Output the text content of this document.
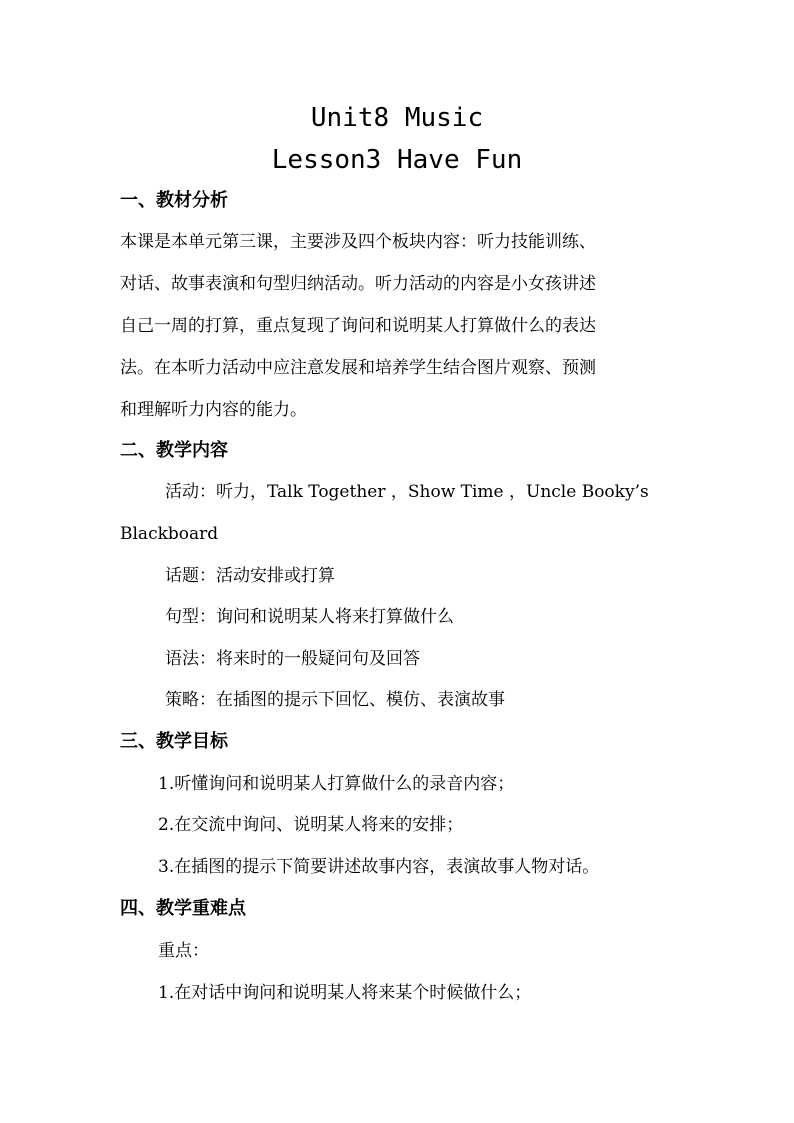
Unit8 Music
Lesson3 Have Fun
一、教材分析
本课是本单元第三课，主要涉及四个板块内容：听力技能训练、
对话、故事表演和句型归纳活动。听力活动的内容是小女孩讲述
自己一周的打算，重点复现了询问和说明某人打算做什么的表达
法。在本听力活动中应注意发展和培养学生结合图片观察、预测
和理解听力内容的能力。
二、教学内容
活动：听力，Talk Together ，Show Time ，Uncle Booky’s
Blackboard
话题：活动安排或打算
句型：询问和说明某人将来打算做什么
语法：将来时的一般疑问句及回答
策略：在插图的提示下回忆、模仿、表演故事
三、教学目标
1.听懂询问和说明某人打算做什么的录音内容；
2.在交流中询问、说明某人将来的安排；
3.在插图的提示下简要讲述故事内容，表演故事人物对话。
四、教学重难点
重点：
1.在对话中询问和说明某人将来某个时候做什么；
